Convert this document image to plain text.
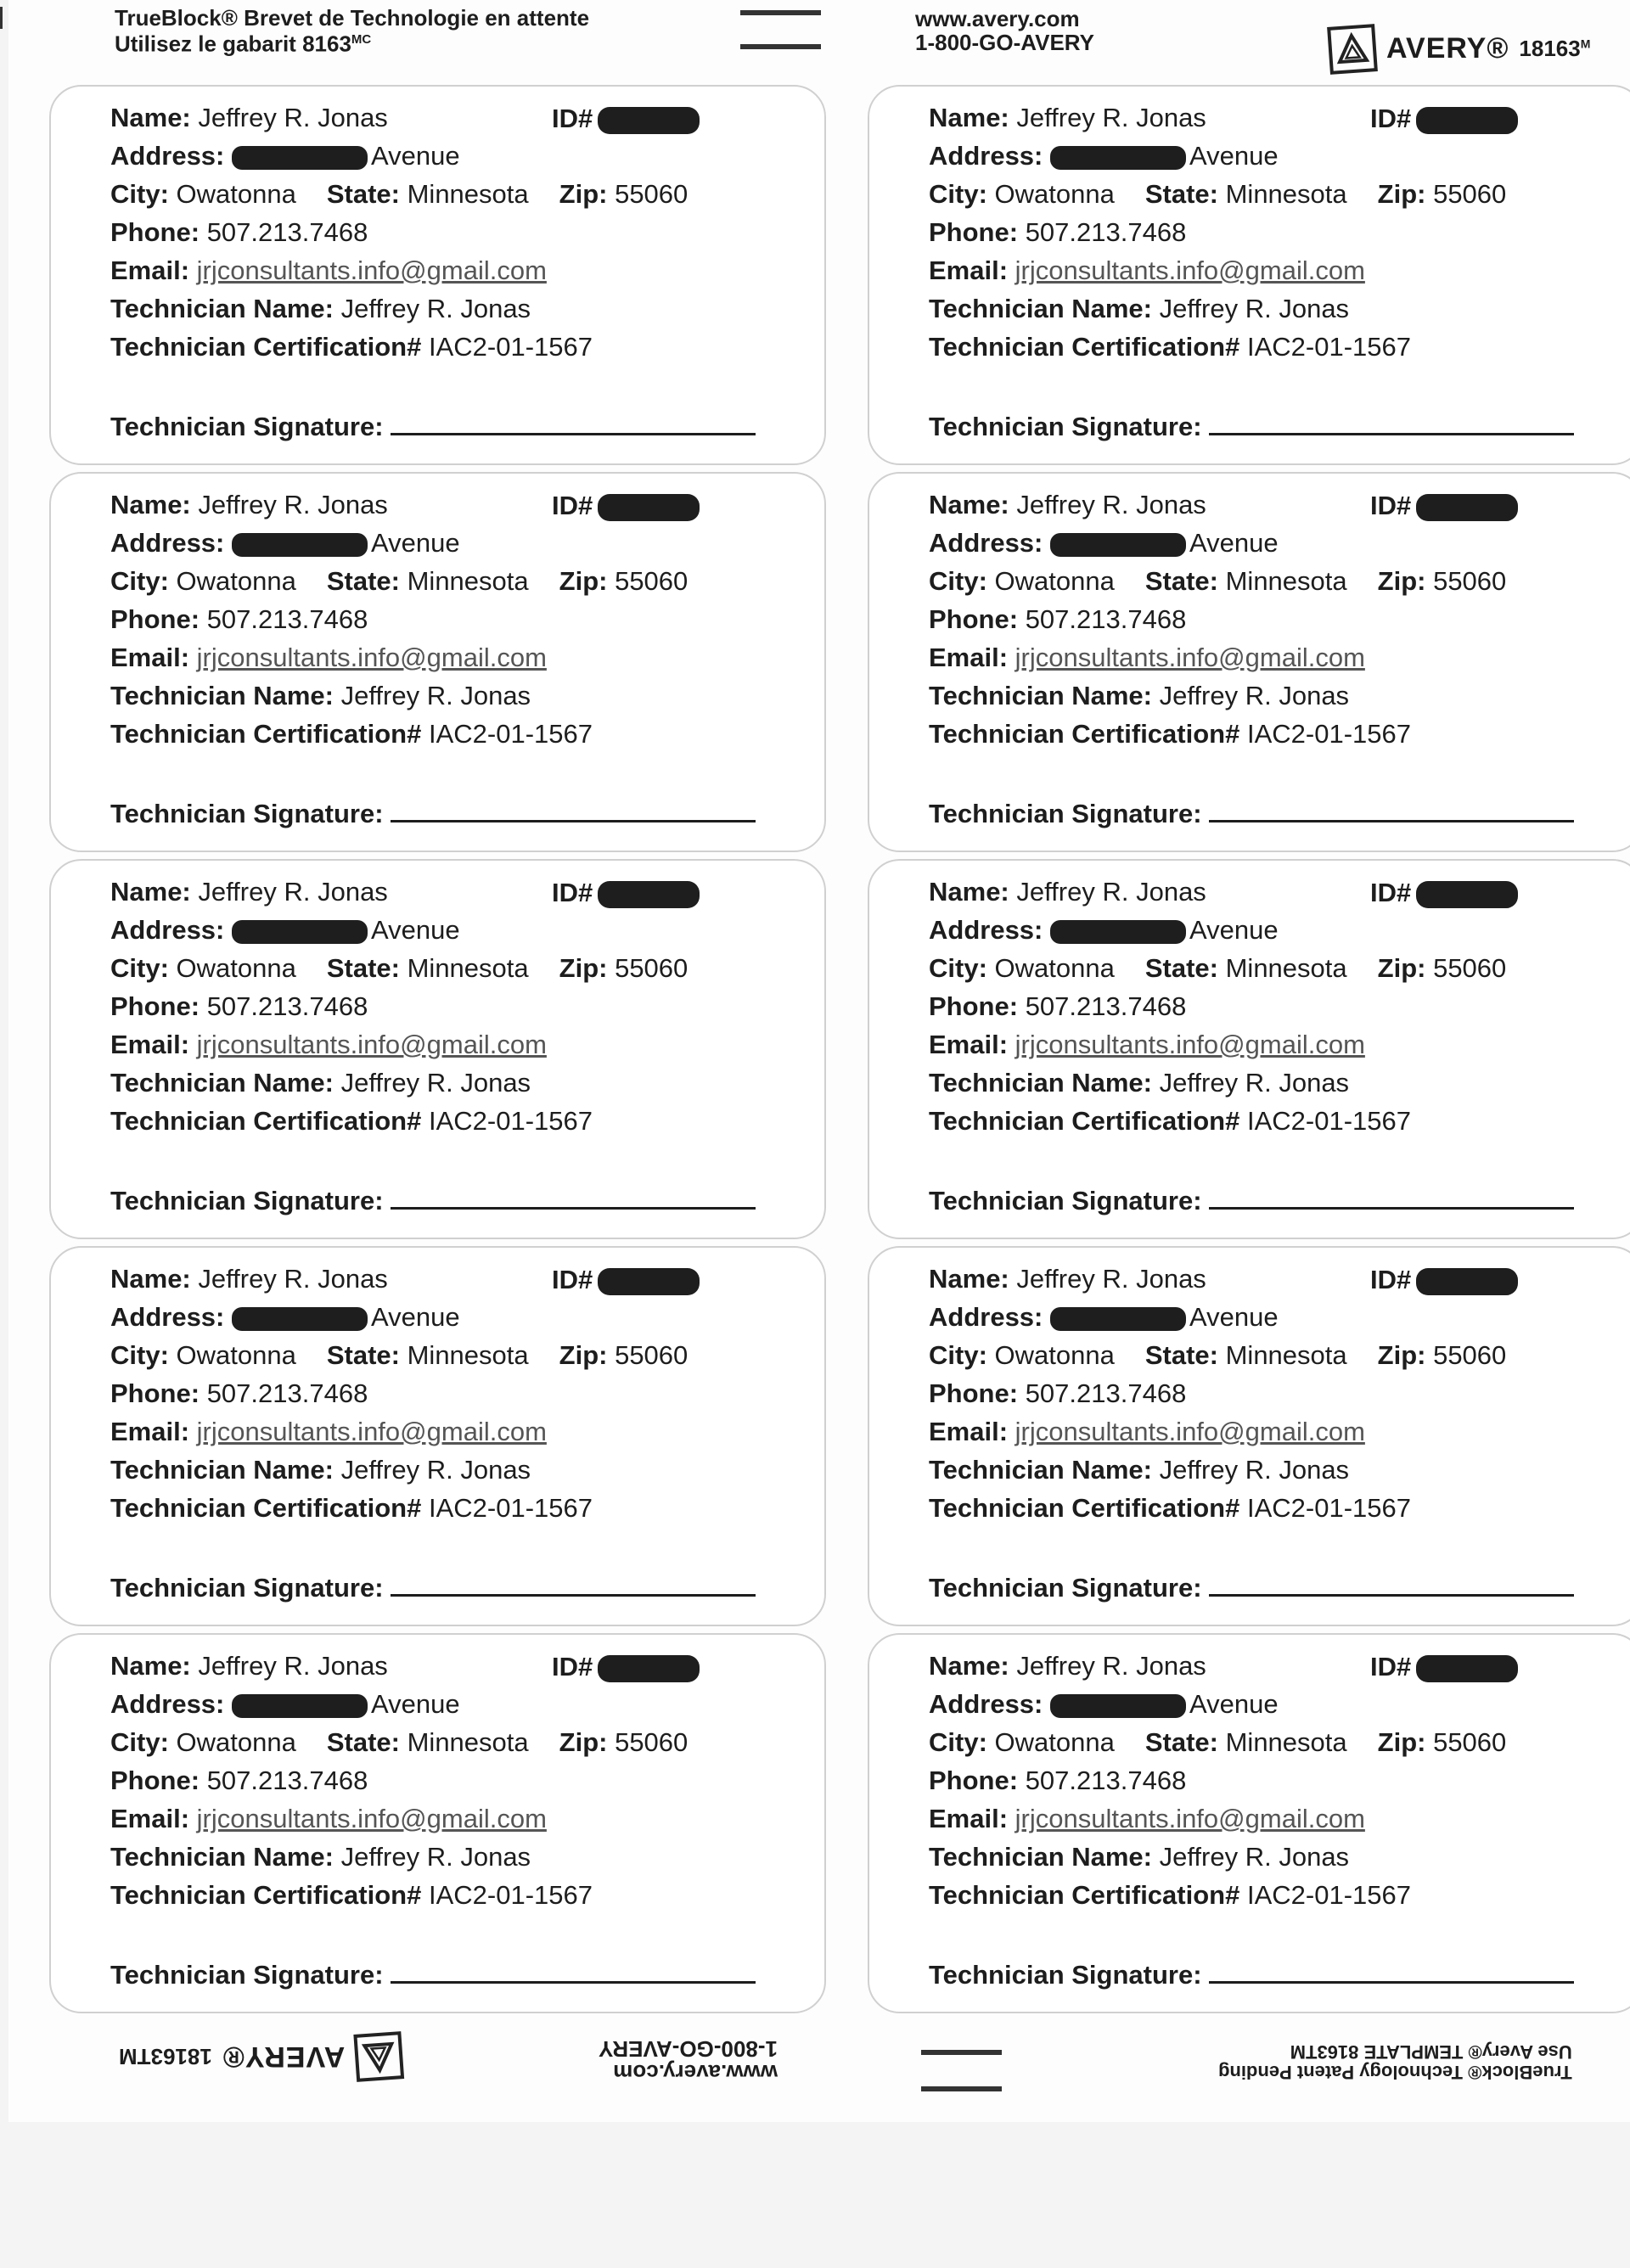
TrueBlock® Brevet de Technologie en attente
Utilisez le gabarit $8163^{MC}$
www.avery.com
1-800-GO-AVERY	AVERY® $18163^M$
Name: Jeffrey R. Jonas	ID#
Address:	Avenue
City: Owatonna State: Minnesota Zip: 55060
Phone: 507.213.7468
Email: jrjconsultants.info@gmail.com
Technician Name: Jeffrey R. Jonas
Technician Certification# IAC2-01-1567
Technician Signature:
Name: Jeffrey R. Jonas	ID#
Address:	Avenue
City: Owatonna State: Minnesota Zip: 55060
Phone: 507.213.7468
Email: jrjconsultants.info@gmail.com
Technician Name: Jeffrey R. Jonas
Technician Certification# IAC2-01-1567
Technician Signature:
Name: Jeffrey R. Jonas	ID#
Address:	Avenue
City: Owatonna State: Minnesota Zip: 55060
Phone: 507.213.7468
Email: jrjconsultants.info@gmail.com
Technician Name: Jeffrey R. Jonas
Technician Certification# IAC2-01-1567
Technician Signature:
Name: Jeffrey R. Jonas	ID#
Address:	Avenue
City: Owatonna State: Minnesota Zip: 55060
Phone: 507.213.7468
Email: jrjconsultants.info@gmail.com
Technician Name: Jeffrey R. Jonas
Technician Certification# IAC2-01-1567
Technician Signature:
Name: Jeffrey R. Jonas	ID#
Address:	Avenue
City: Owatonna State: Minnesota Zip: 55060
Phone: 507.213.7468
Email: jrjconsultants.info@gmail.com
Technician Name: Jeffrey R. Jonas
Technician Certification# IAC2-01-1567
Technician Signature:
Name: Jeffrey R. Jonas	ID#
Address:	Avenue
City: Owatonna State: Minnesota Zip: 55060
Phone: 507.213.7468
Email: jrjconsultants.info@gmail.com
Technician Name: Jeffrey R. Jonas
Technician Certification# IAC2-01-1567
Technician Signature:
Name: Jeffrey R. Jonas	ID#
Address:	Avenue
City: Owatonna State: Minnesota Zip: 55060
Phone: 507.213.7468
Email: jrjconsultants.info@gmail.com
Technician Name: Jeffrey R. Jonas
Technician Certification# IAC2-01-1567
Technician Signature:
Name: Jeffrey R. Jonas	ID#
Address:	Avenue
City: Owatonna State: Minnesota Zip: 55060
Phone: 507.213.7468
Email: jrjconsultants.info@gmail.com
Technician Name: Jeffrey R. Jonas
Technician Certification# IAC2-01-1567
Technician Signature:
Name: Jeffrey R. Jonas	ID#
Address:	Avenue
City: Owatonna State: Minnesota Zip: 55060
Phone: 507.213.7468
Email: jrjconsultants.info@gmail.com
Technician Name: Jeffrey R. Jonas
Technician Certification# IAC2-01-1567
Technician Signature:
Name: Jeffrey R. Jonas	ID#
Address:	Avenue
City: Owatonna State: Minnesota Zip: 55060
Phone: 507.213.7468
Email: jrjconsultants.info@gmail.com
Technician Name: Jeffrey R. Jonas
Technician Certification# IAC2-01-1567
Technician Signature:
AVERY®
18163TM
www.avery.com
1-800-GO-AVERY
TrueBlock® Technology Patent Pending
Use Avery® TEMPLATE 8163TM
